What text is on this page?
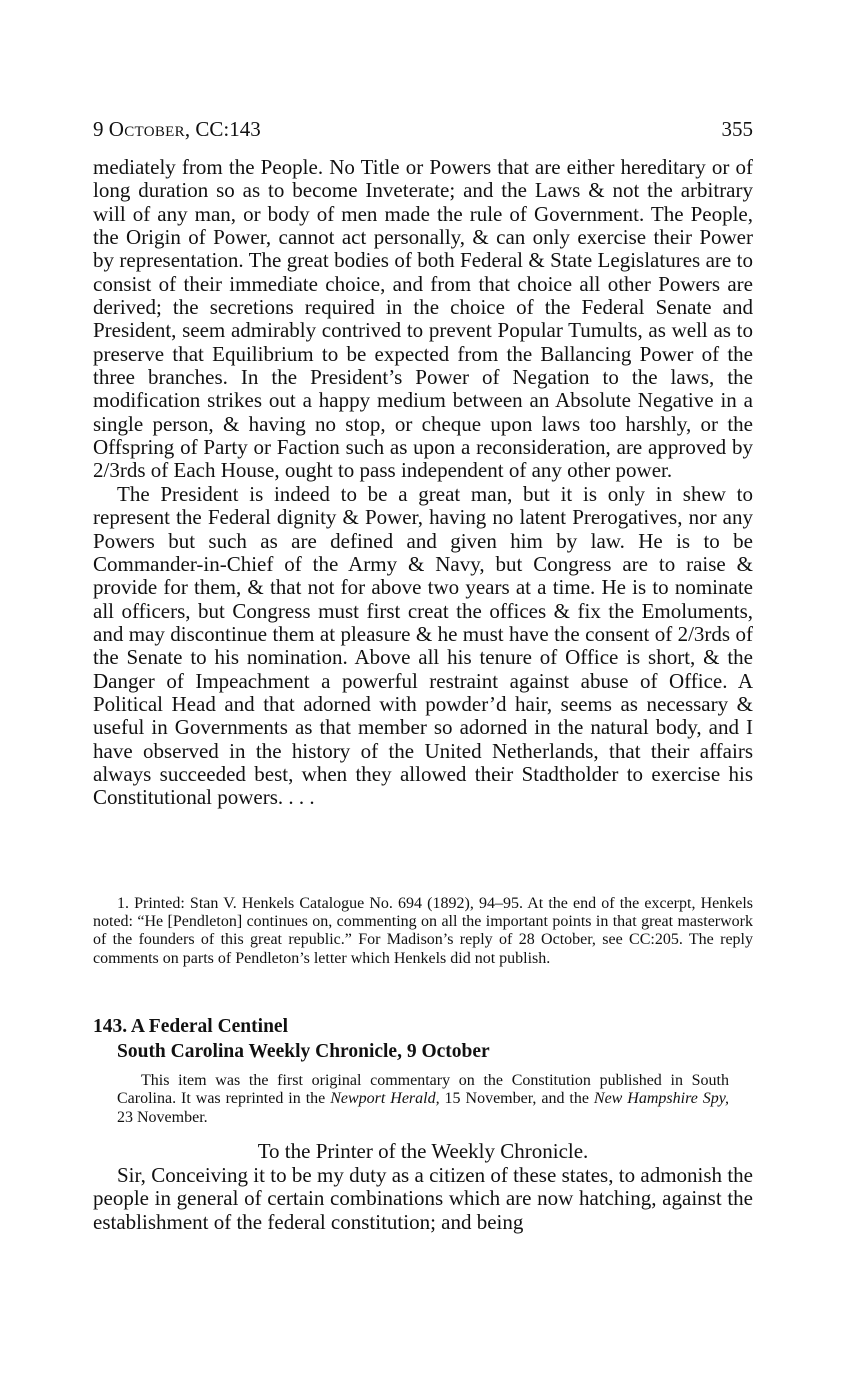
9 October, CC:143	355

mediately from the People. No Title or Powers that are either hereditary or of long duration so as to become Inveterate; and the Laws & not the arbitrary will of any man, or body of men made the rule of Government. The People, the Origin of Power, cannot act personally, & can only exercise their Power by representation. The great bodies of both Federal & State Legislatures are to consist of their immediate choice, and from that choice all other Powers are derived; the secretions required in the choice of the Federal Senate and President, seem admirably contrived to prevent Popular Tumults, as well as to preserve that Equilibrium to be expected from the Ballancing Power of the three branches. In the President’s Power of Negation to the laws, the modification strikes out a happy medium between an Absolute Negative in a single person, & having no stop, or cheque upon laws too harshly, or the Offspring of Party or Faction such as upon a reconsideration, are approved by 2/3rds of Each House, ought to pass independent of any other power.

The President is indeed to be a great man, but it is only in shew to represent the Federal dignity & Power, having no latent Prerogatives, nor any Powers but such as are defined and given him by law. He is to be Commander-in-Chief of the Army & Navy, but Congress are to raise & provide for them, & that not for above two years at a time. He is to nominate all officers, but Congress must first creat the offices & fix the Emoluments, and may discontinue them at pleasure & he must have the consent of 2/3rds of the Senate to his nomination. Above all his tenure of Office is short, & the Danger of Impeachment a powerful restraint against abuse of Office. A Political Head and that adorned with powder’d hair, seems as necessary & useful in Governments as that member so adorned in the natural body, and I have observed in the history of the United Netherlands, that their affairs always succeeded best, when they allowed their Stadtholder to exercise his Constitutional powers. . . .

1. Printed: Stan V. Henkels Catalogue No. 694 (1892), 94–95. At the end of the excerpt, Henkels noted: “He [Pendleton] continues on, commenting on all the important points in that great masterwork of the founders of this great republic.” For Madison’s reply of 28 October, see CC:205. The reply comments on parts of Pendleton’s letter which Henkels did not publish.

143. A Federal Centinel
South Carolina Weekly Chronicle, 9 October

This item was the first original commentary on the Constitution published in South Carolina. It was reprinted in the Newport Herald, 15 November, and the New Hampshire Spy, 23 November.

To the Printer of the Weekly Chronicle.

Sir, Conceiving it to be my duty as a citizen of these states, to admonish the people in general of certain combinations which are now hatching, against the establishment of the federal constitution; and being
